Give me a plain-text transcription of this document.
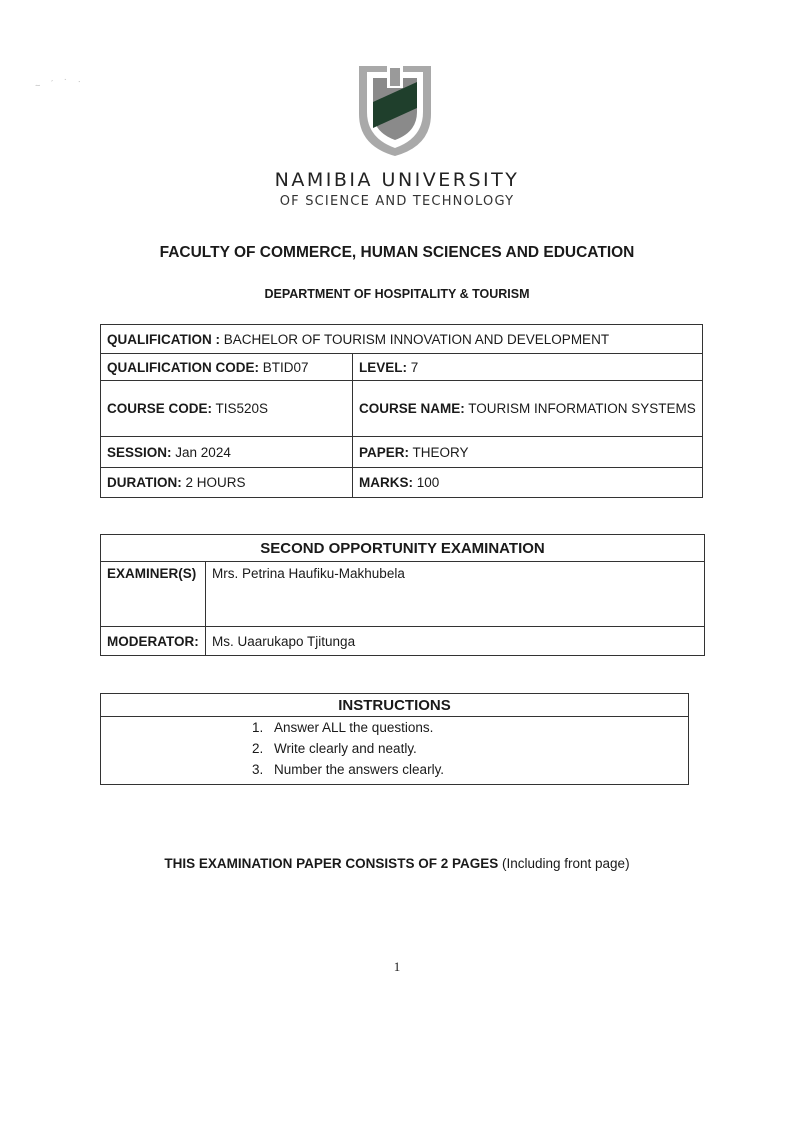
~ ˊ ˋ ·
NAMIBIA UNIVERSITY
OF SCIENCE AND TECHNOLOGY
FACULTY OF COMMERCE, HUMAN SCIENCES AND EDUCATION
DEPARTMENT OF HOSPITALITY & TOURISM
QUALIFICATION : BACHELOR OF TOURISM INNOVATION AND DEVELOPMENT	
QUALIFICATION CODE: BTID07	LEVEL: 7
COURSE CODE: TIS520S	COURSE NAME: TOURISM INFORMATION SYSTEMS
SESSION: Jan 2024	PAPER: THEORY
DURATION: 2 HOURS	MARKS: 100
SECOND OPPORTUNITY EXAMINATION	
EXAMINER(S)	Mrs. Petrina Haufiku-Makhubela
MODERATOR:	Ms. Uaarukapo Tjitunga
INSTRUCTIONS

1. Answer ALL the questions.
2. Write clearly and neatly.
3. Number the answers clearly.
THIS EXAMINATION PAPER CONSISTS OF 2 PAGES (Including front page)
1
